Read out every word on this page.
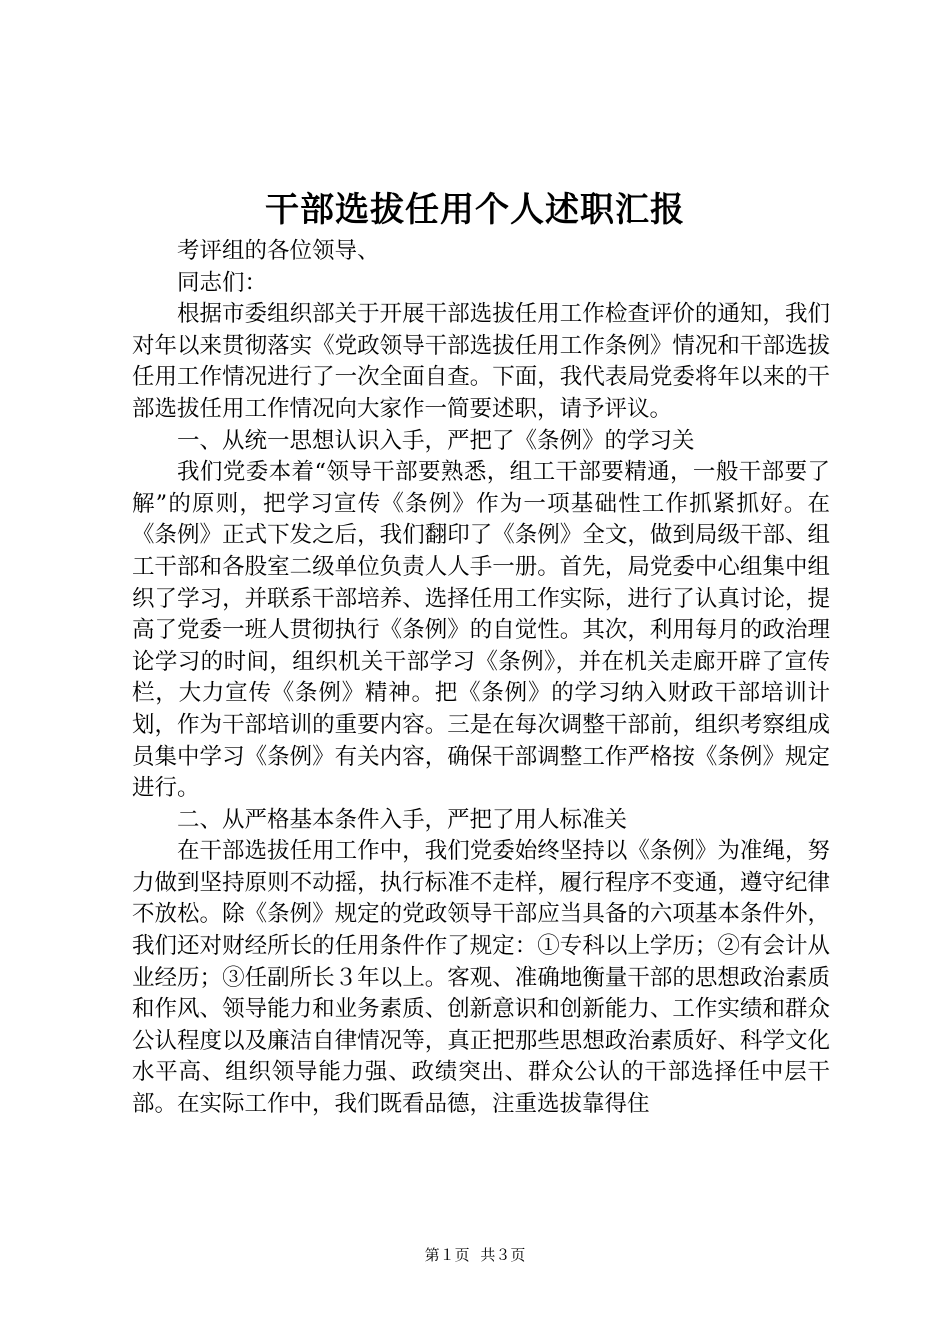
干部选拔任用个人述职汇报

考评组的各位领导、

同志们：

根据市委组织部关于开展干部选拔任用工作检查评价的通知，我们对年以来贯彻落实《党政领导干部选拔任用工作条例》情况和干部选拔任用工作情况进行了一次全面自查。下面，我代表局党委将年以来的干部选拔任用工作情况向大家作一简要述职，请予评议。

一、从统一思想认识入手，严把了《条例》的学习关

我们党委本着“领导干部要熟悉，组工干部要精通，一般干部要了解”的原则，把学习宣传《条例》作为一项基础性工作抓紧抓好。在《条例》正式下发之后，我们翻印了《条例》全文，做到局级干部、组工干部和各股室二级单位负责人人手一册。首先，局党委中心组集中组织了学习，并联系干部培养、选择任用工作实际，进行了认真讨论，提高了党委一班人贯彻执行《条例》的自觉性。其次，利用每月的政治理论学习的时间，组织机关干部学习《条例》，并在机关走廊开辟了宣传栏，大力宣传《条例》精神。把《条例》的学习纳入财政干部培训计划，作为干部培训的重要内容。三是在每次调整干部前，组织考察组成员集中学习《条例》有关内容，确保干部调整工作严格按《条例》规定进行。

二、从严格基本条件入手，严把了用人标准关

在干部选拔任用工作中，我们党委始终坚持以《条例》为准绳，努力做到坚持原则不动摇，执行标准不走样，履行程序不变通，遵守纪律不放松。除《条例》规定的党政领导干部应当具备的六项基本条件外，我们还对财经所长的任用条件作了规定：①专科以上学历；②有会计从业经历；③任副所长３年以上。客观、准确地衡量干部的思想政治素质和作风、领导能力和业务素质、创新意识和创新能力、工作实绩和群众公认程度以及廉洁自律情况等，真正把那些思想政治素质好、科学文化水平高、组织领导能力强、政绩突出、群众公认的干部选择任中层干部。在实际工作中，我们既看品德，注重选拔靠得住

第１页 共３页
